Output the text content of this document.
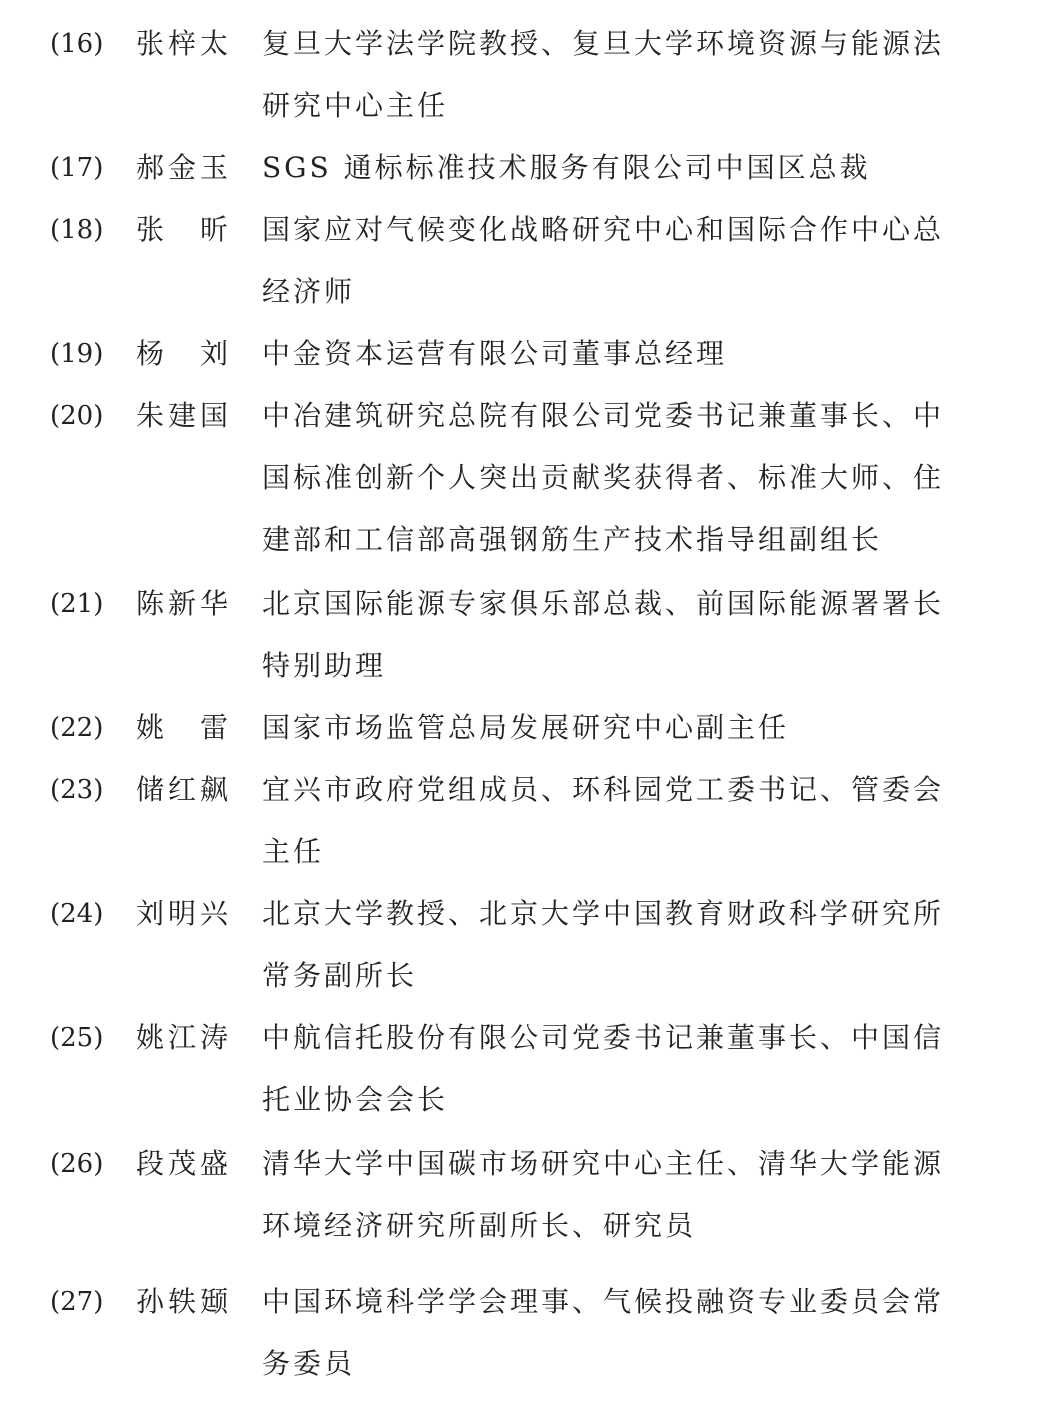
(16) 张梓太 复旦大学法学院教授、复旦大学环境资源与能源法研究中心主任
(17) 郝金玉 SGS 通标标准技术服务有限公司中国区总裁
(18) 张昕 国家应对气候变化战略研究中心和国际合作中心总经济师
(19) 杨刘 中金资本运营有限公司董事总经理
(20) 朱建国 中冶建筑研究总院有限公司党委书记兼董事长、中国标准创新个人突出贡献奖获得者、标准大师、住建部和工信部高强钢筋生产技术指导组副组长
(21) 陈新华 北京国际能源专家俱乐部总裁、前国际能源署署长特别助理
(22) 姚雷 国家市场监管总局发展研究中心副主任
(23) 储红飙 宜兴市政府党组成员、环科园党工委书记、管委会主任
(24) 刘明兴 北京大学教授、北京大学中国教育财政科学研究所常务副所长
(25) 姚江涛 中航信托股份有限公司党委书记兼董事长、中国信托业协会会长
(26) 段茂盛 清华大学中国碳市场研究中心主任、清华大学能源环境经济研究所副所长、研究员
(27) 孙轶颋 中国环境科学学会理事、气候投融资专业委员会常务委员
